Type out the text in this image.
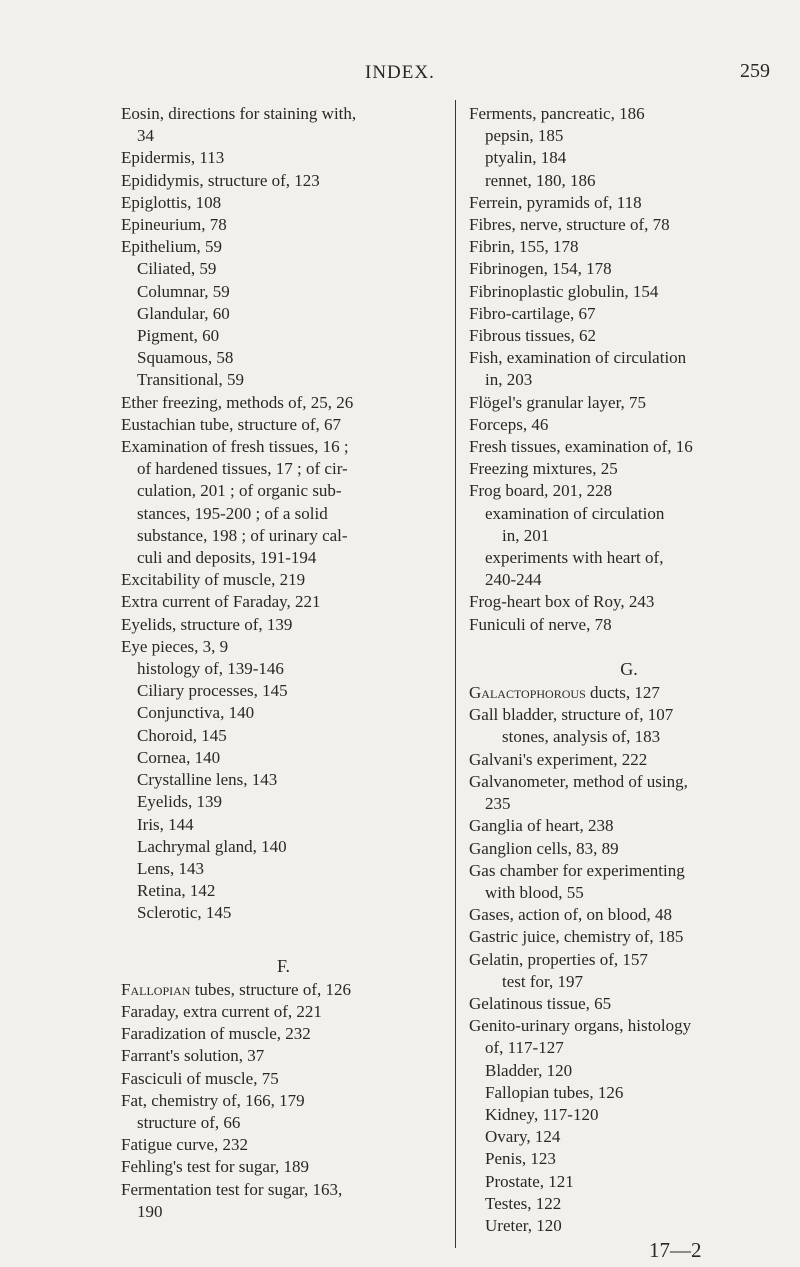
INDEX.	259
Eosin, directions for staining with,
34
Epidermis, 113
Epididymis, structure of, 123
Epiglottis, 108
Epineurium, 78
Epithelium, 59
Ciliated, 59
Columnar, 59
Glandular, 60
Pigment, 60
Squamous, 58
Transitional, 59
Ether freezing, methods of, 25, 26
Eustachian tube, structure of, 67
Examination of fresh tissues, 16 ;
of hardened tissues, 17 ; of cir-
culation, 201 ; of organic sub-
stances, 195-200 ; of a solid
substance, 198 ; of urinary cal-
culi and deposits, 191-194
Excitability of muscle, 219
Extra current of Faraday, 221
Eyelids, structure of, 139
Eye pieces, 3, 9
histology of, 139-146
Ciliary processes, 145
Conjunctiva, 140
Choroid, 145
Cornea, 140
Crystalline lens, 143
Eyelids, 139
Iris, 144
Lachrymal gland, 140
Lens, 143
Retina, 142
Sclerotic, 145
F.
Fallopian tubes, structure of, 126
Faraday, extra current of, 221
Faradization of muscle, 232
Farrant's solution, 37
Fasciculi of muscle, 75
Fat, chemistry of, 166, 179
structure of, 66
Fatigue curve, 232
Fehling's test for sugar, 189
Fermentation test for sugar, 163,
190
Ferments, pancreatic, 186
pepsin, 185
ptyalin, 184
rennet, 180, 186
Ferrein, pyramids of, 118
Fibres, nerve, structure of, 78
Fibrin, 155, 178
Fibrinogen, 154, 178
Fibrinoplastic globulin, 154
Fibro-cartilage, 67
Fibrous tissues, 62
Fish, examination of circulation
in, 203
Flögel's granular layer, 75
Forceps, 46
Fresh tissues, examination of, 16
Freezing mixtures, 25
Frog board, 201, 228
examination of circulation
in, 201
experiments with heart of,
240-244
Frog-heart box of Roy, 243
Funiculi of nerve, 78
G.
Galactophorous ducts, 127
Gall bladder, structure of, 107
stones, analysis of, 183
Galvani's experiment, 222
Galvanometer, method of using,
235
Ganglia of heart, 238
Ganglion cells, 83, 89
Gas chamber for experimenting
with blood, 55
Gases, action of, on blood, 48
Gastric juice, chemistry of, 185
Gelatin, properties of, 157
test for, 197
Gelatinous tissue, 65
Genito-urinary organs, histology
of, 117-127
Bladder, 120
Fallopian tubes, 126
Kidney, 117-120
Ovary, 124
Penis, 123
Prostate, 121
Testes, 122
Ureter, 120
17—2
